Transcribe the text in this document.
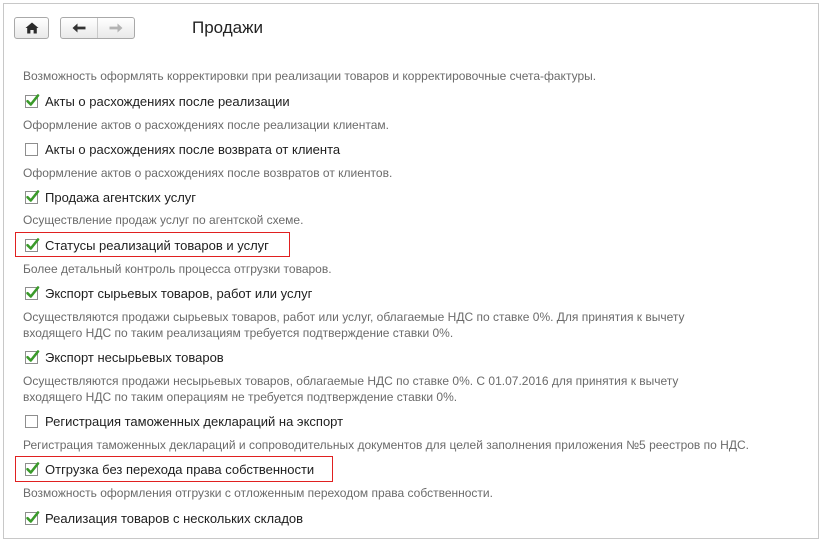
Продажи
Возможность оформлять корректировки при реализации товаров и корректировочные счета-фактуры.
Акты о расхождениях после реализации
Оформление актов о расхождениях после реализации клиентам.
Акты о расхождениях после возврата от клиента
Оформление актов о расхождениях после возвратов от клиентов.
Продажа агентских услуг
Осуществление продаж услуг по агентской схеме.
Статусы реализаций товаров и услуг
Более детальный контроль процесса отгрузки товаров.
Экспорт сырьевых товаров, работ или услуг
Осуществляются продажи сырьевых товаров, работ или услуг, облагаемые НДС по ставке 0%. Для принятия к вычету
входящего НДС по таким реализациям требуется подтверждение ставки 0%.
Экспорт несырьевых товаров
Осуществляются продажи несырьевых товаров, облагаемые НДС по ставке 0%. С 01.07.2016 для принятия к вычету
входящего НДС по таким операциям не требуется подтверждение ставки 0%.
Регистрация таможенных деклараций на экспорт
Регистрация таможенных деклараций и сопроводительных документов для целей заполнения приложения №5 реестров по НДС.
Отгрузка без перехода права собственности
Возможность оформления отгрузки с отложенным переходом права собственности.
Реализация товаров с нескольких складов
